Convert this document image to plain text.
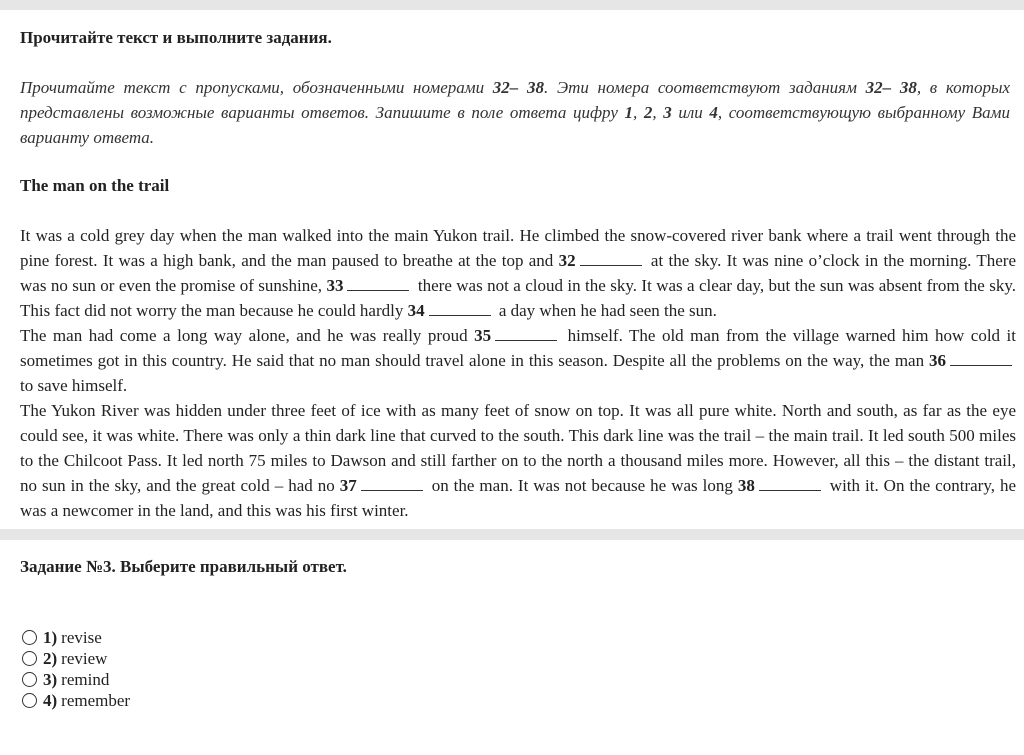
Прочитайте текст и выполните задания.

Прочитайте текст с пропусками, обозначенными номерами 32– 38. Эти номера соответствуют заданиям 32– 38, в которых представлены возможные варианты ответов. Запишите в поле ответа цифру 1, 2, 3 или 4, соответствующую выбранному Вами варианту ответа.

The man on the trail

It was a cold grey day when the man walked into the main Yukon trail. He climbed the snow-covered river bank where a trail went through the pine forest. It was a high bank, and the man paused to breathe at the top and 32	at the sky. It was nine o’clock in the morning. There was no sun or even the promise of sunshine, 33	there was not a cloud in the sky. It was a clear day, but the sun was absent from the sky. This fact did not worry the man because he could hardly 34	a day when he had seen the sun.

The man had come a long way alone, and he was really proud 35	himself. The old man from the village warned him how cold it sometimes got in this country. He said that no man should travel alone in this season. Despite all the problems on the way, the man 36 to save himself.

The Yukon River was hidden under three feet of ice with as many feet of snow on top. It was all pure white. North and south, as far as the eye could see, it was white. There was only a thin dark line that curved to the south. This dark line was the trail – the main trail. It led south 500 miles to the Chilcoot Pass. It led north 75 miles to Dawson and still farther on to the north a thousand miles more. However, all this – the distant trail, no sun in the sky, and the great cold – had no 37	on the man. It was not because he was long 38	with it. On the contrary, he was a newcomer in the land, and this was his first winter.

Задание №3. Выберите правильный ответ.
1) revise
2) review
3) remind
4) remember
